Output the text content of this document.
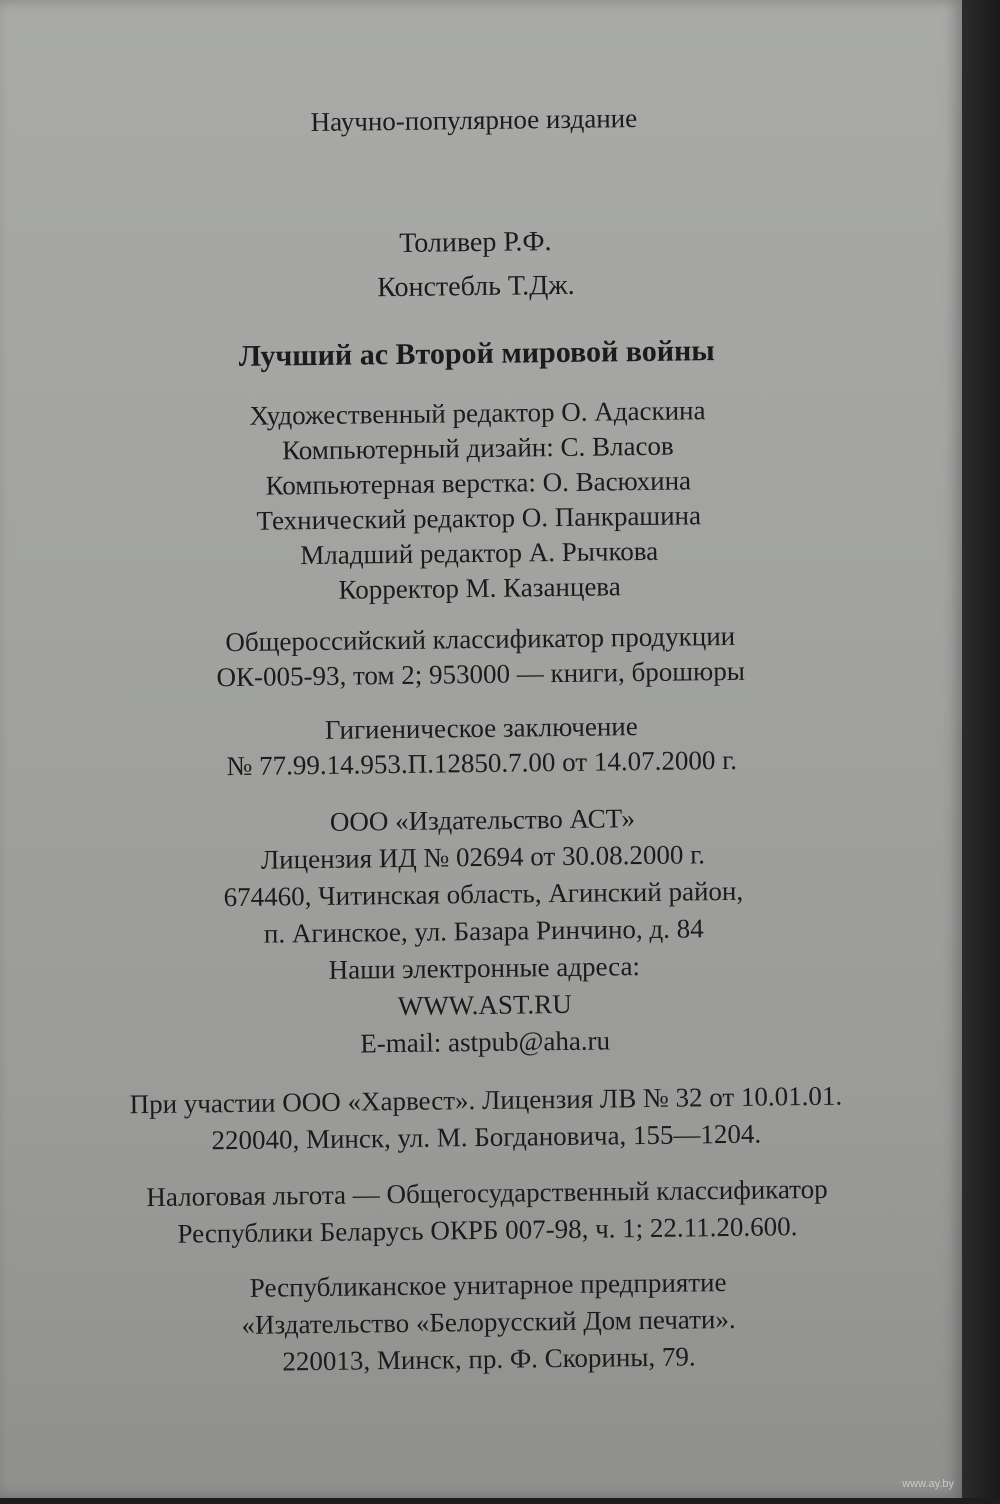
Научно-популярное издание
Толивер Р.Ф.
Констебль Т.Дж.
Лучший ас Второй мировой войны
Художественный редактор О. Адаскина
Компьютерный дизайн: С. Власов
Компьютерная верстка: О. Васюхина
Технический редактор О. Панкрашина
Младший редактор А. Рычкова
Корректор М. Казанцева
Общероссийский классификатор продукции
ОК-005-93, том 2; 953000 — книги, брошюры
Гигиеническое заключение
№ 77.99.14.953.П.12850.7.00 от 14.07.2000 г.
ООО «Издательство АСТ»
Лицензия ИД № 02694 от 30.08.2000 г.
674460, Читинская область, Агинский район,
п. Агинское, ул. Базара Ринчино, д. 84
Наши электронные адреса:
WWW.AST.RU
E-mail: astpub@aha.ru
При участии ООО «Харвест». Лицензия ЛВ № 32 от 10.01.01.
220040, Минск, ул. М. Богдановича, 155—1204.
Налоговая льгота — Общегосударственный классификатор
Республики Беларусь ОКРБ 007-98, ч. 1; 22.11.20.600.
Республиканское унитарное предприятие
«Издательство «Белорусский Дом печати».
220013, Минск, пр. Ф. Скорины, 79.
www.ay.by
